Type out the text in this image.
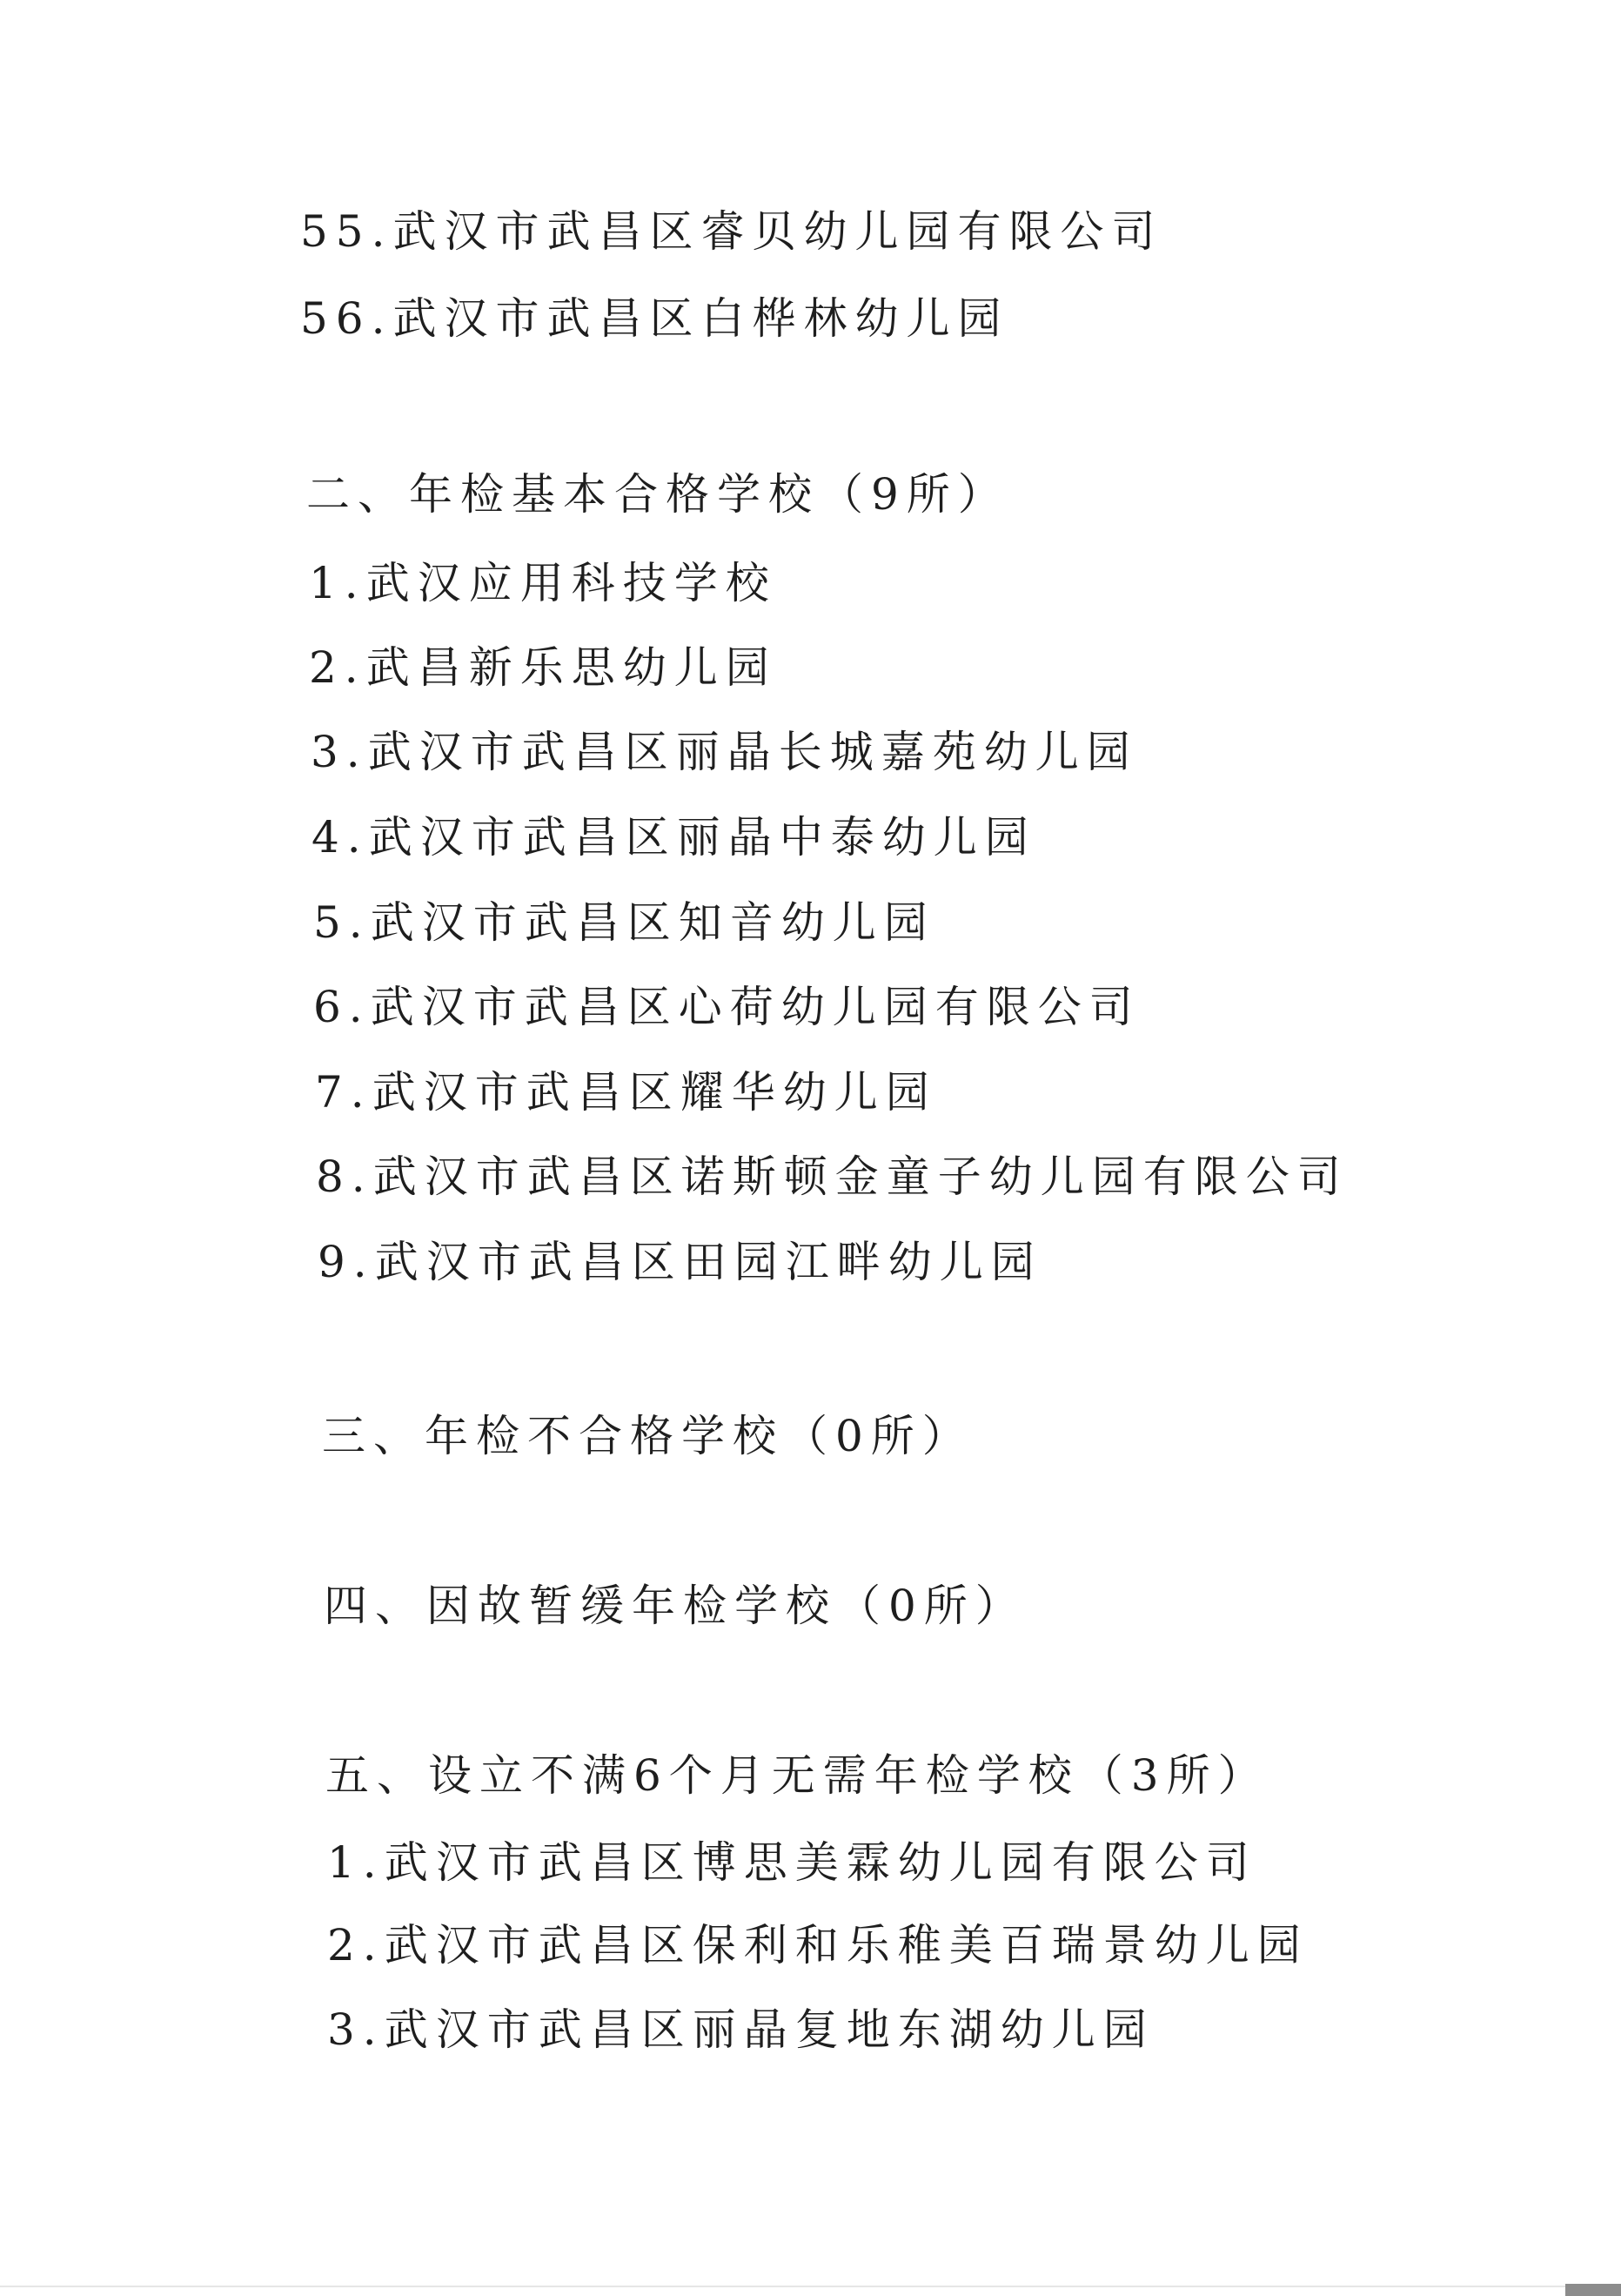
55.武汉市武昌区睿贝幼儿园有限公司
56.武汉市武昌区白桦林幼儿园
二、年检基本合格学校（9所）
1.武汉应用科技学校
2.武昌新乐思幼儿园
3.武汉市武昌区丽晶长城嘉苑幼儿园
4.武汉市武昌区丽晶中泰幼儿园
5.武汉市武昌区知音幼儿园
6.武汉市武昌区心荷幼儿园有限公司
7.武汉市武昌区耀华幼儿园
8.武汉市武昌区诺斯顿金童子幼儿园有限公司
9.武汉市武昌区田园江畔幼儿园
三、年检不合格学校（0所）
四、因故暂缓年检学校（0所）
五、设立不满6个月无需年检学校（3所）
1.武汉市武昌区博思美霖幼儿园有限公司
2.武汉市武昌区保利和乐稚美百瑞景幼儿园
3.武汉市武昌区丽晶复地东湖幼儿园
